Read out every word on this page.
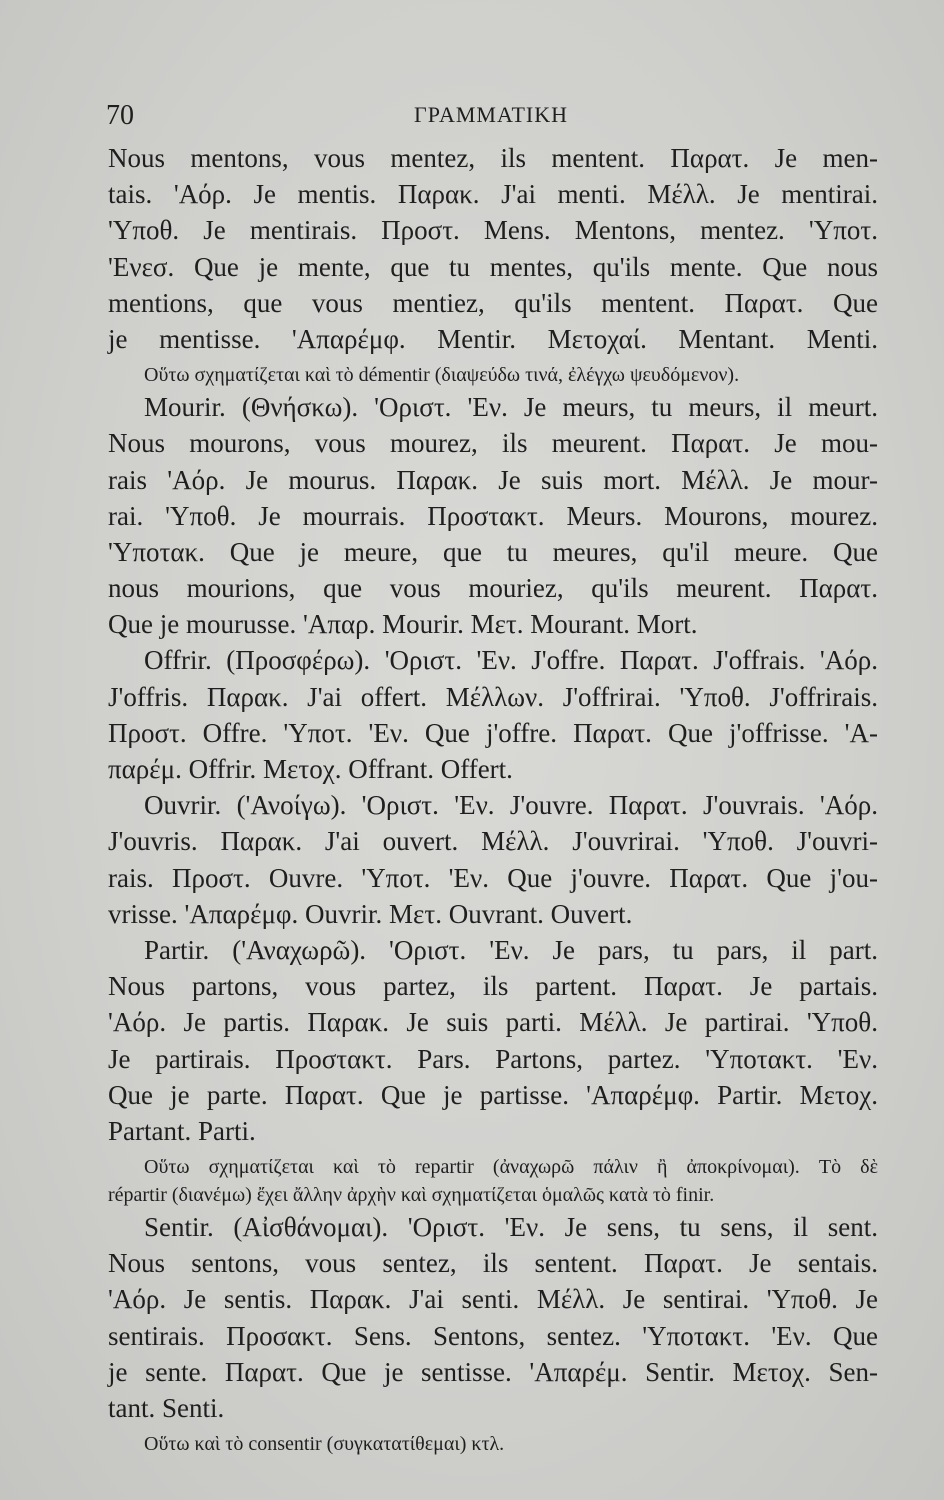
70	ΓΡΑΜΜΑΤΙΚΗ
Nous mentons, vous mentez, ils mentent. Παρατ. Je men-
tais. 'Αόρ. Je mentis. Παρακ. J'ai menti. Μέλλ. Je mentirai.
'Υποθ. Je mentirais. Προστ. Mens. Mentons, mentez. 'Υποτ.
'Ενεσ. Que je mente, que tu mentes, qu'ils mente. Que nous
mentions, que vous mentiez, qu'ils mentent. Παρατ. Que
je mentisse. 'Απαρέμφ. Mentir. Μετοχαί. Mentant. Menti.
Οὕτω σχηματίζεται καὶ τὸ démentir (διαψεύδω τινά, ἐλέγχω ψευδόμενον).
Mourir. (Θνήσκω). 'Οριστ. 'Εν. Je meurs, tu meurs, il meurt.
Nous mourons, vous mourez, ils meurent. Παρατ. Je mou-
rais 'Αόρ. Je mourus. Παρακ. Je suis mort. Μέλλ. Je mour-
rai. 'Υποθ. Je mourrais. Προστακτ. Meurs. Mourons, mourez.
'Υποτακ. Que je meure, que tu meures, qu'il meure. Que
nous mourions, que vous mouriez, qu'ils meurent. Παρατ.
Que je mourusse. 'Απαρ. Mourir. Μετ. Mourant. Mort.
Offrir. (Προσφέρω). 'Οριστ. 'Εν. J'offre. Παρατ. J'offrais. 'Αόρ.
J'offris. Παρακ. J'ai offert. Μέλλων. J'offrirai. 'Υποθ. J'offrirais.
Προστ. Offre. 'Υποτ. 'Εν. Que j'offre. Παρατ. Que j'offrisse. 'Α-
παρέμ. Offrir. Μετοχ. Offrant. Offert.
Ouvrir. ('Ανοίγω). 'Οριστ. 'Εν. J'ouvre. Παρατ. J'ouvrais. 'Αόρ.
J'ouvris. Παρακ. J'ai ouvert. Μέλλ. J'ouvrirai. 'Υποθ. J'ouvri-
rais. Προστ. Ouvre. 'Υποτ. 'Εν. Que j'ouvre. Παρατ. Que j'ou-
vrisse. 'Απαρέμφ. Ouvrir. Μετ. Ouvrant. Ouvert.
Partir. ('Αναχωρῶ). 'Οριστ. 'Εν. Je pars, tu pars, il part.
Nous partons, vous partez, ils partent. Παρατ. Je partais.
'Αόρ. Je partis. Παρακ. Je suis parti. Μέλλ. Je partirai. 'Υποθ.
Je partirais. Προστακτ. Pars. Partons, partez. 'Υποτακτ. 'Εν.
Que je parte. Παρατ. Que je partisse. 'Απαρέμφ. Partir. Μετοχ.
Partant. Parti.
Οὕτω σχηματίζεται καὶ τὸ repartir (ἀναχωρῶ πάλιν ἢ ἀποκρίνομαι). Τὸ δὲ
répartir (διανέμω) ἔχει ἄλλην ἀρχὴν καὶ σχηματίζεται ὁμαλῶς κατὰ τὸ finir.
Sentir. (Αἰσθάνομαι). 'Οριστ. 'Εν. Je sens, tu sens, il sent.
Nous sentons, vous sentez, ils sentent. Παρατ. Je sentais.
'Αόρ. Je sentis. Παρακ. J'ai senti. Μέλλ. Je sentirai. 'Υποθ. Je
sentirais. Προσακτ. Sens. Sentons, sentez. 'Υποτακτ. 'Εν. Que
je sente. Παρατ. Que je sentisse. 'Απαρέμ. Sentir. Μετοχ. Sen-
tant. Senti.
Οὕτω καὶ τὸ consentir (συγκατατίθεμαι) κτλ.
